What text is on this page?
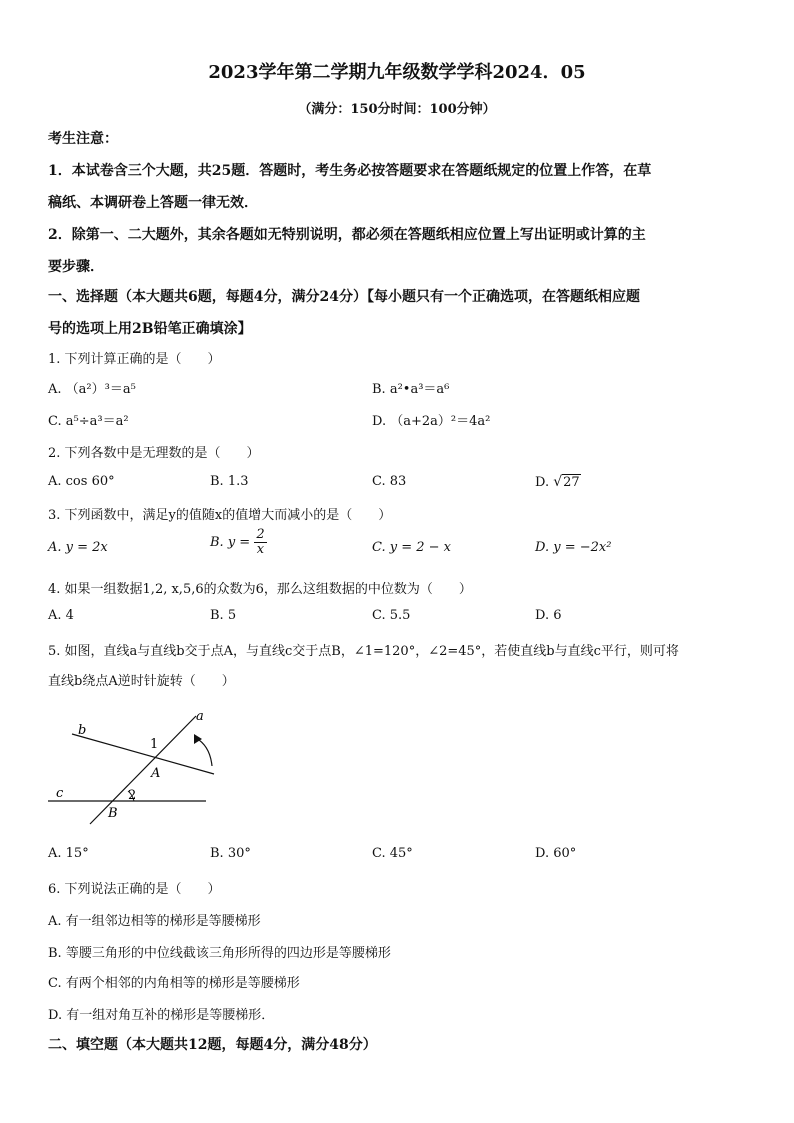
2023学年第二学期九年级数学学科2024．05
（满分：150分时间：100分钟）
考生注意：
1．本试卷含三个大题，共25题．答题时，考生务必按答题要求在答题纸规定的位置上作答，在草
稿纸、本调研卷上答题一律无效．
2．除第一、二大题外，其余各题如无特别说明，都必须在答题纸相应位置上写出证明或计算的主
要步骤．
一、选择题（本大题共6题，每题4分，满分24分）【每小题只有一个正确选项，在答题纸相应题
号的选项上用2B铅笔正确填涂】
1. 下列计算正确的是（　　）
A. （a²）³＝a⁵	B. a²•a³＝a⁶
C. a⁵÷a³＝a²	D. （a+2a）²＝4a²
2. 下列各数中是无理数的是（　　）
A. cos 60°	B. 1.3	C. 83	D. √27
3. 下列函数中，满足y的值随x的值增大而减小的是（　　）
A. y = 2x	B. $y = \frac{2}{x}$	C. y = 2 − x	D. y = −2x²
4. 如果一组数据1,2, x,5,6的众数为6，那么这组数据的中位数为（　　）
A. 4	B. 5	C. 5.5	D. 6
5. 如图，直线a与直线b交于点A，与直线c交于点B，∠1=120°，∠2=45°，若使直线b与直线c平行，则可将
直线b绕点A逆时针旋转（　　）
b
a
c
A
B
1
2
A. 15°	B. 30°	C. 45°	D. 60°
6. 下列说法正确的是（　　）
A. 有一组邻边相等的梯形是等腰梯形
B. 等腰三角形的中位线截该三角形所得的四边形是等腰梯形
C. 有两个相邻的内角相等的梯形是等腰梯形
D. 有一组对角互补的梯形是等腰梯形．
二、填空题（本大题共12题，每题4分，满分48分）
